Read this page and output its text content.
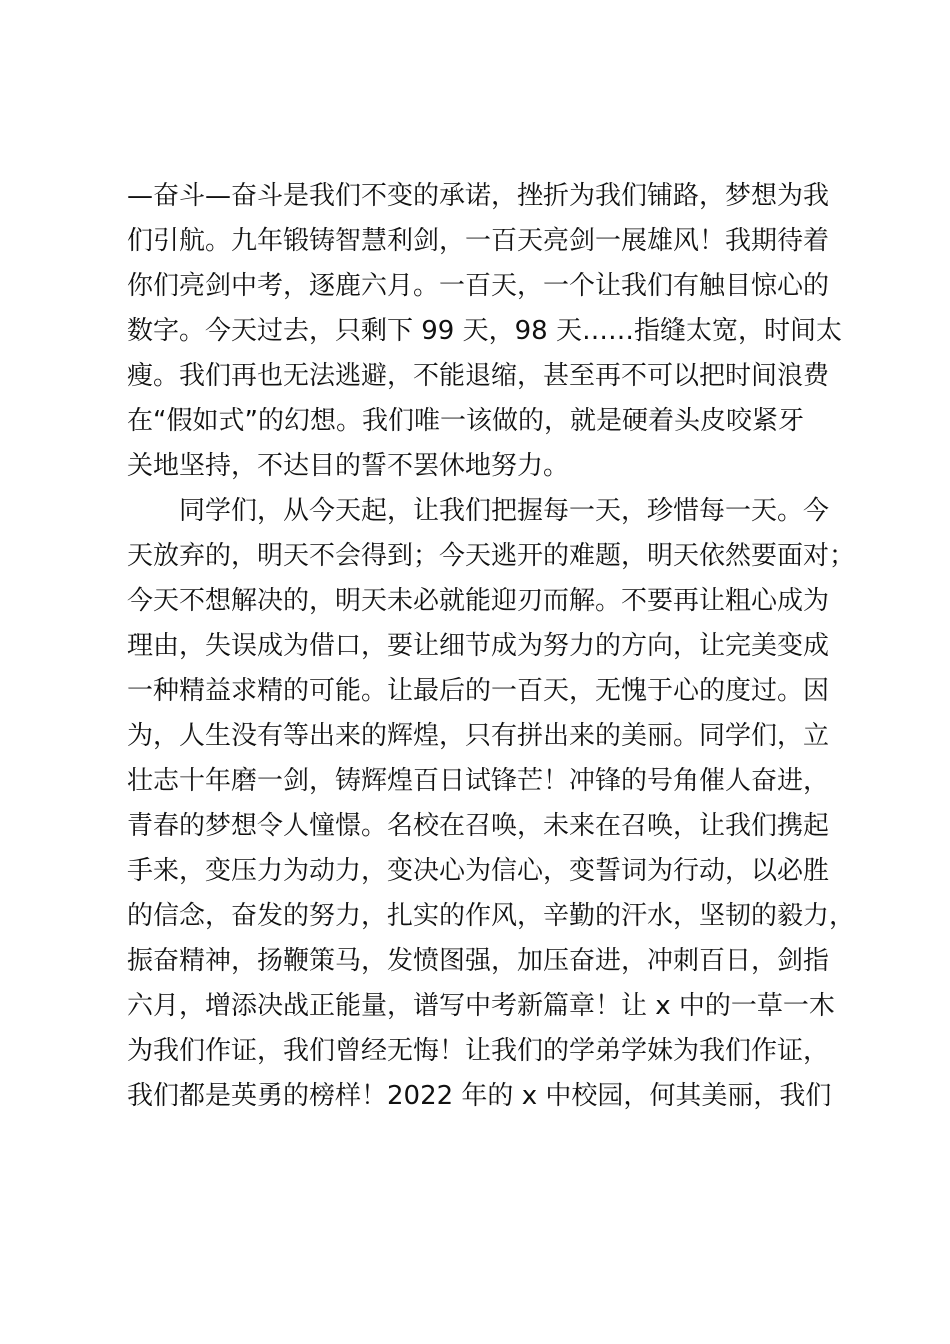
—奋斗—奋斗是我们不变的承诺，挫折为我们铺路，梦想为我
们引航。九年锻铸智慧利剑，一百天亮剑一展雄风！我期待着
你们亮剑中考，逐鹿六月。一百天，一个让我们有触目惊心的
数字。今天过去，只剩下 99 天，98 天……指缝太宽，时间太
瘦。我们再也无法逃避，不能退缩，甚至再不可以把时间浪费
在“假如式”的幻想。我们唯一该做的，就是硬着头皮咬紧牙
关地坚持，不达目的誓不罢休地努力。
同学们，从今天起，让我们把握每一天，珍惜每一天。今
天放弃的，明天不会得到；今天逃开的难题，明天依然要面对；
今天不想解决的，明天未必就能迎刃而解。不要再让粗心成为
理由，失误成为借口，要让细节成为努力的方向，让完美变成
一种精益求精的可能。让最后的一百天，无愧于心的度过。因
为，人生没有等出来的辉煌，只有拼出来的美丽。同学们，立
壮志十年磨一剑，铸辉煌百日试锋芒！冲锋的号角催人奋进，
青春的梦想令人憧憬。名校在召唤，未来在召唤，让我们携起
手来，变压力为动力，变决心为信心，变誓词为行动，以必胜
的信念，奋发的努力，扎实的作风，辛勤的汗水，坚韧的毅力，
振奋精神，扬鞭策马，发愤图强，加压奋进，冲刺百日，剑指
六月，增添决战正能量，谱写中考新篇章！让 x 中的一草一木
为我们作证，我们曾经无悔！让我们的学弟学妹为我们作证，
我们都是英勇的榜样！2022 年的 x 中校园，何其美丽，我们
